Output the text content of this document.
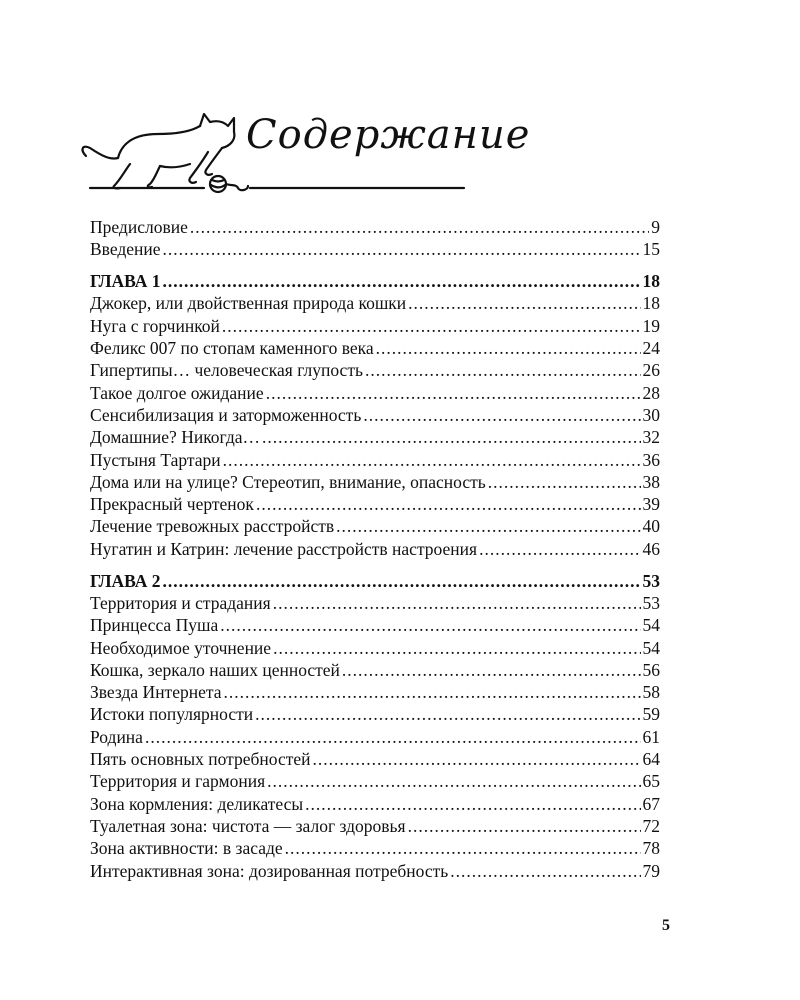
Содержание
Предисловие .....	9
Введение .....	15
ГЛАВА 1 .....	18
Джокер, или двойственная природа кошки .....	18
Нуга с горчинкой .....	19
Феликс 007 по стопам каменного века .....	24
Гипертипы… человеческая глупость .....	26
Такое долгое ожидание .....	28
Сенсибилизация и заторможенность .....	30
Домашние? Никогда… .....	32
Пустыня Тартари .....	36
Дома или на улице? Стереотип, внимание, опасность .....	38
Прекрасный чертенок .....	39
Лечение тревожных расстройств .....	40
Нугатин и Катрин: лечение расстройств настроения .....	46
ГЛАВА 2 .....	53
Территория и страдания .....	53
Принцесса Пуша .....	54
Необходимое уточнение .....	54
Кошка, зеркало наших ценностей .....	56
Звезда Интернета .....	58
Истоки популярности .....	59
Родина .....	61
Пять основных потребностей .....	64
Территория и гармония .....	65
Зона кормления: деликатесы .....	67
Туалетная зона: чистота — залог здоровья .....	72
Зона активности: в засаде .....	78
Интерактивная зона: дозированная потребность .....	79
5
